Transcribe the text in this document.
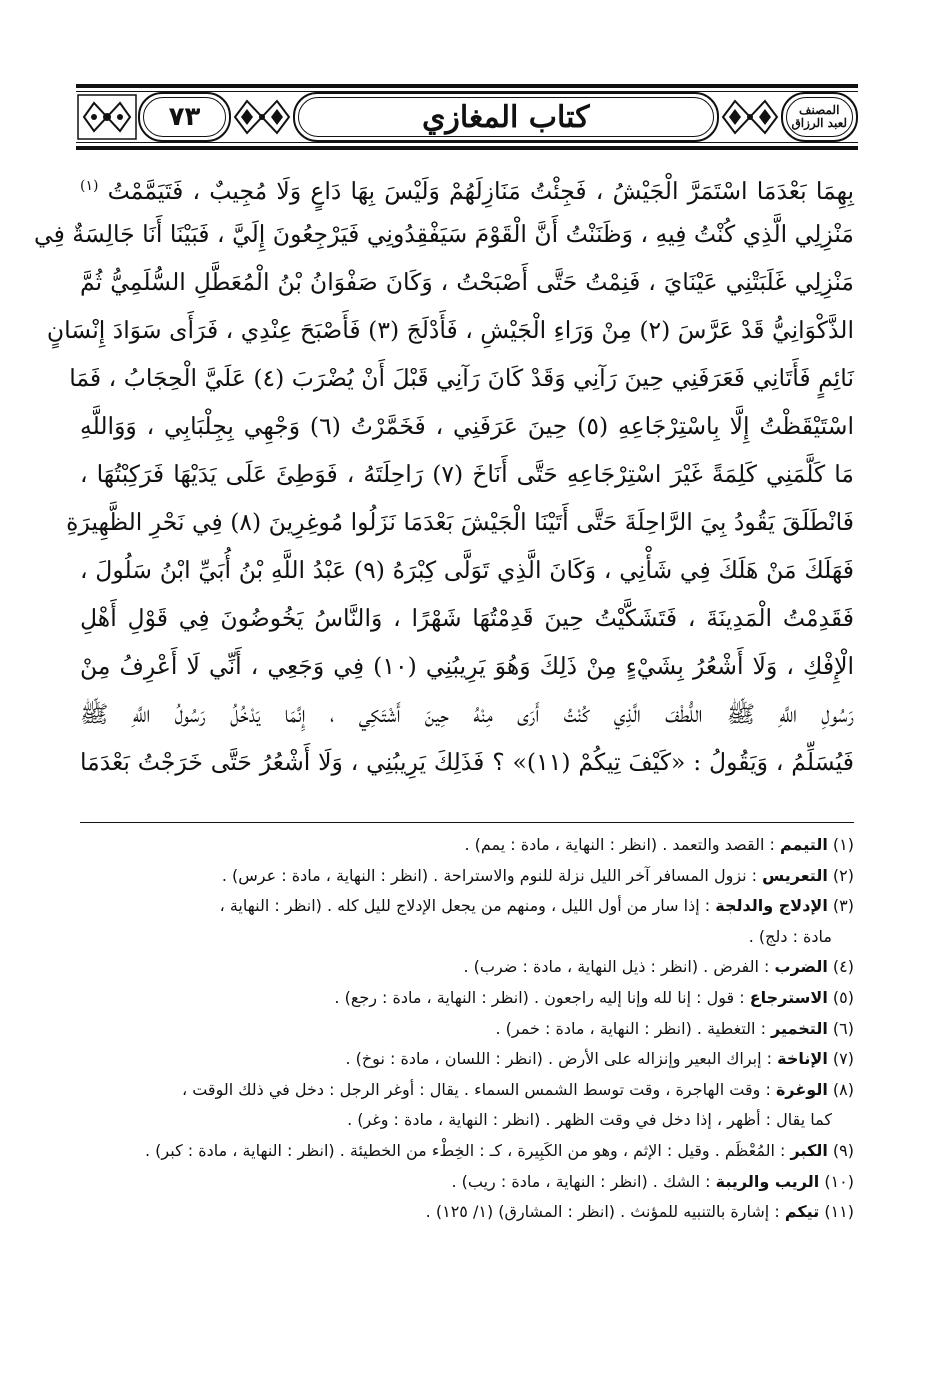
٧٣	كتاب المغازي	المصنف
لعبد الرزاق
بِهِمَا بَعْدَمَا اسْتَمَرَّ الْجَيْشُ ، فَجِئْتُ مَنَازِلَهُمْ وَلَيْسَ بِهَا دَاعٍ وَلَا مُجِيبٌ ، فَتَيَمَّمْتُ $^{(١)}$
مَنْزِلِي الَّذِي كُنْتُ فِيهِ ، وَظَنَنْتُ أَنَّ الْقَوْمَ سَيَفْقِدُونِي فَيَرْجِعُونَ إِلَيَّ ، فَبَيْنَا أَنَا جَالِسَةٌ فِي
مَنْزِلِي غَلَبَتْنِي عَيْنَايَ ، فَنِمْتُ حَتَّى أَصْبَحْتُ ، وَكَانَ صَفْوَانُ بْنُ الْمُعَطَّلِ السُّلَمِيُّ ثُمَّ
الذَّكْوَانِيُّ قَدْ عَرَّسَ (٢) مِنْ وَرَاءِ الْجَيْشِ ، فَأَدْلَجَ (٣) فَأَصْبَحَ عِنْدِي ، فَرَأَى سَوَادَ إِنْسَانٍ
نَائِمٍ فَأَتَانِي فَعَرَفَنِي حِينَ رَآنِي وَقَدْ كَانَ رَآنِي قَبْلَ أَنْ يُضْرَبَ (٤) عَلَيَّ الْحِجَابُ ، فَمَا
اسْتَيْقَظْتُ إِلَّا بِاسْتِرْجَاعِهِ (٥) حِينَ عَرَفَنِي ، فَخَمَّرْتُ (٦) وَجْهِي بِجِلْبَابِي ، وَوَاللَّهِ
مَا كَلَّمَنِي كَلِمَةً غَيْرَ اسْتِرْجَاعِهِ حَتَّى أَنَاخَ (٧) رَاحِلَتَهُ ، فَوَطِئَ عَلَى يَدَيْهَا فَرَكِبْتُهَا ،
فَانْطَلَقَ يَقُودُ بِيَ الرَّاحِلَةَ حَتَّى أَتَيْنَا الْجَيْشَ بَعْدَمَا نَزَلُوا مُوغِرِينَ (٨) فِي نَحْرِ الظَّهِيرَةِ
فَهَلَكَ مَنْ هَلَكَ فِي شَأْنِي ، وَكَانَ الَّذِي تَوَلَّى كِبْرَهُ (٩) عَبْدُ اللَّهِ بْنُ أُبَيِّ ابْنُ سَلُولَ ،
فَقَدِمْتُ الْمَدِينَةَ ، فَتَشَكَّيْتُ حِينَ قَدِمْتُهَا شَهْرًا ، وَالنَّاسُ يَخُوضُونَ فِي قَوْلِ أَهْلِ
الْإِفْكِ ، وَلَا أَشْعُرُ بِشَيْءٍ مِنْ ذَلِكَ وَهُوَ يَرِيبُنِي (١٠) فِي وَجَعِي ، أَنِّي لَا أَعْرِفُ مِنْ
رَسُولِ اللَّهِ ﷺ اللُّطْفَ الَّذِي كُنْتُ أَرَى مِنْهُ حِينَ أَشْتَكِي ، إِنَّمَا يَدْخُلُ رَسُولُ اللَّهِ ﷺ
فَيُسَلِّمُ ، وَيَقُولُ : «كَيْفَ تِيكُمْ (١١)» ؟ فَذَلِكَ يَرِيبُنِي ، وَلَا أَشْعُرُ حَتَّى خَرَجْتُ بَعْدَمَا
(١) التيمم : القصد والتعمد . (انظر : النهاية ، مادة : يمم) .
(٢) التعريس : نزول المسافر آخر الليل نزلة للنوم والاستراحة . (انظر : النهاية ، مادة : عرس) .
(٣) الإدلاج والدلجة : إذا سار من أول الليل ، ومنهم من يجعل الإدلاج لليل كله . (انظر : النهاية ،
مادة : دلج) .
(٤) الضرب : الفرض . (انظر : ذيل النهاية ، مادة : ضرب) .
(٥) الاسترجاع : قول : إنا لله وإنا إليه راجعون . (انظر : النهاية ، مادة : رجع) .
(٦) التخمير : التغطية . (انظر : النهاية ، مادة : خمر) .
(٧) الإناخة : إبراك البعير وإنزاله على الأرض . (انظر : اللسان ، مادة : نوخ) .
(٨) الوغرة : وقت الهاجرة ، وقت توسط الشمس السماء . يقال : أوغر الرجل : دخل في ذلك الوقت ،
كما يقال : أظهر ، إذا دخل في وقت الظهر . (انظر : النهاية ، مادة : وغر) .
(٩) الكبر : المُعْظَم . وقيل : الإثم ، وهو من الكَبِيرة ، كـ : الخِطْء من الخطيئة . (انظر : النهاية ، مادة : كبر) .
(١٠) الريب والريبة : الشك . (انظر : النهاية ، مادة : ريب) .
(١١) تيكم : إشارة بالتنبيه للمؤنث . (انظر : المشارق) (١/ ١٢٥) .
